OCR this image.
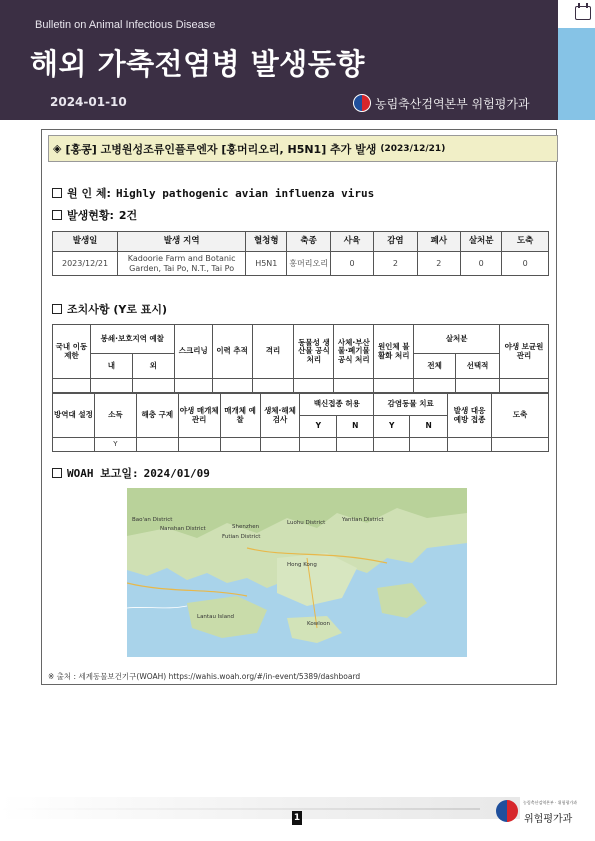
Bulletin on Animal Infectious Disease
해외 가축전염병 발생동향
2024-01-10	농림축산검역본부 위험평가과
◈ [홍콩] 고병원성조류인플루엔자 [홍머리오리, H5N1] 추가 발생 (2023/12/21)
원 인 체: Highly pathogenic avian influenza virus
발생현황: 2건
발생일	발생 지역	혈청형	축종	사육	감염	폐사	살처분	도축
2023/12/21	Kadoorie Farm and Botanic Garden, Tai Po, N.T., Tai Po	H5N1	홍머리오리	0	2	2	0	0
조치사항 (Y로 표시)
국내 이동 제한	봉쇄·보호지역 예찰		스크리닝	이력 추적	격리	동물성 생산물 공식 처리	사체·부산물·폐기물 공식 처리	원인체 불활화 처리	살처분		야생 보균원 관리
	내	외							전체	선택적	

방역대 설정	소독	해충 구제	야생 매개체 관리	매개체 예찰	생체·해체 검사	백신접종 허용		감염동물 치료		발생 대응 예방 접종	도축
						Y	N	Y	N		
	Y										
WOAH 보고일: 2024/01/09
Bao'an District
Nanshan District	Shenzhen
Futian District
Luohu District	Yantian District
Hong Kong
Kowloon
Lantau Island
※ 출처 : 세계동물보건기구(WOAH) https://wahis.woah.org/#/in-event/5389/dashboard
1
농림축산검역본부 · 위험평가과
위험평가과
